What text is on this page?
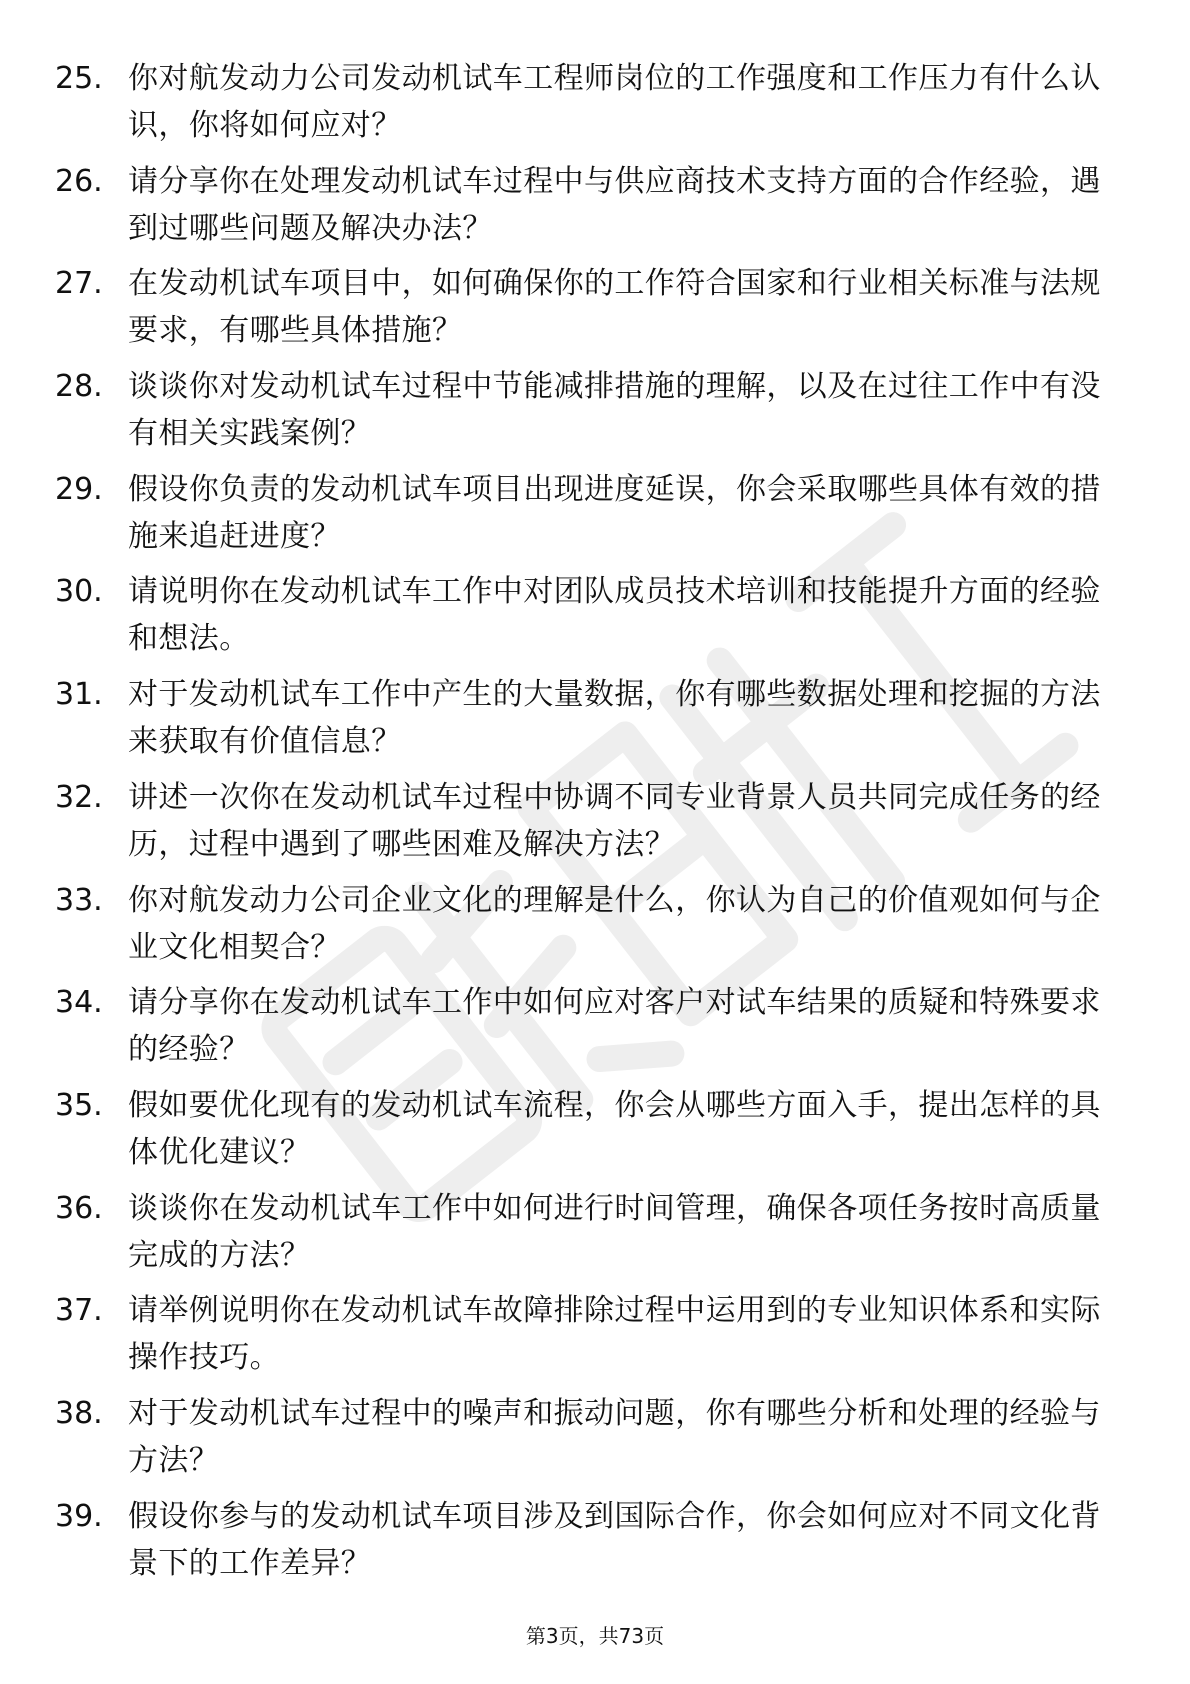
25. 你对航发动力公司发动机试车工程师岗位的工作强度和工作压力有什么认识，你将如何应对？
26. 请分享你在处理发动机试车过程中与供应商技术支持方面的合作经验，遇到过哪些问题及解决办法？
27. 在发动机试车项目中，如何确保你的工作符合国家和行业相关标准与法规要求，有哪些具体措施？
28. 谈谈你对发动机试车过程中节能减排措施的理解，以及在过往工作中有没有相关实践案例？
29. 假设你负责的发动机试车项目出现进度延误，你会采取哪些具体有效的措施来追赶进度？
30. 请说明你在发动机试车工作中对团队成员技术培训和技能提升方面的经验和想法。
31. 对于发动机试车工作中产生的大量数据，你有哪些数据处理和挖掘的方法来获取有价值信息？
32. 讲述一次你在发动机试车过程中协调不同专业背景人员共同完成任务的经历，过程中遇到了哪些困难及解决方法？
33. 你对航发动力公司企业文化的理解是什么，你认为自己的价值观如何与企业文化相契合？
34. 请分享你在发动机试车工作中如何应对客户对试车结果的质疑和特殊要求的经验？
35. 假如要优化现有的发动机试车流程，你会从哪些方面入手，提出怎样的具体优化建议？
36. 谈谈你在发动机试车工作中如何进行时间管理，确保各项任务按时高质量完成的方法？
37. 请举例说明你在发动机试车故障排除过程中运用到的专业知识体系和实际操作技巧。
38. 对于发动机试车过程中的噪声和振动问题，你有哪些分析和处理的经验与方法？
39. 假设你参与的发动机试车项目涉及到国际合作，你会如何应对不同文化背景下的工作差异？
第3页，共73页
